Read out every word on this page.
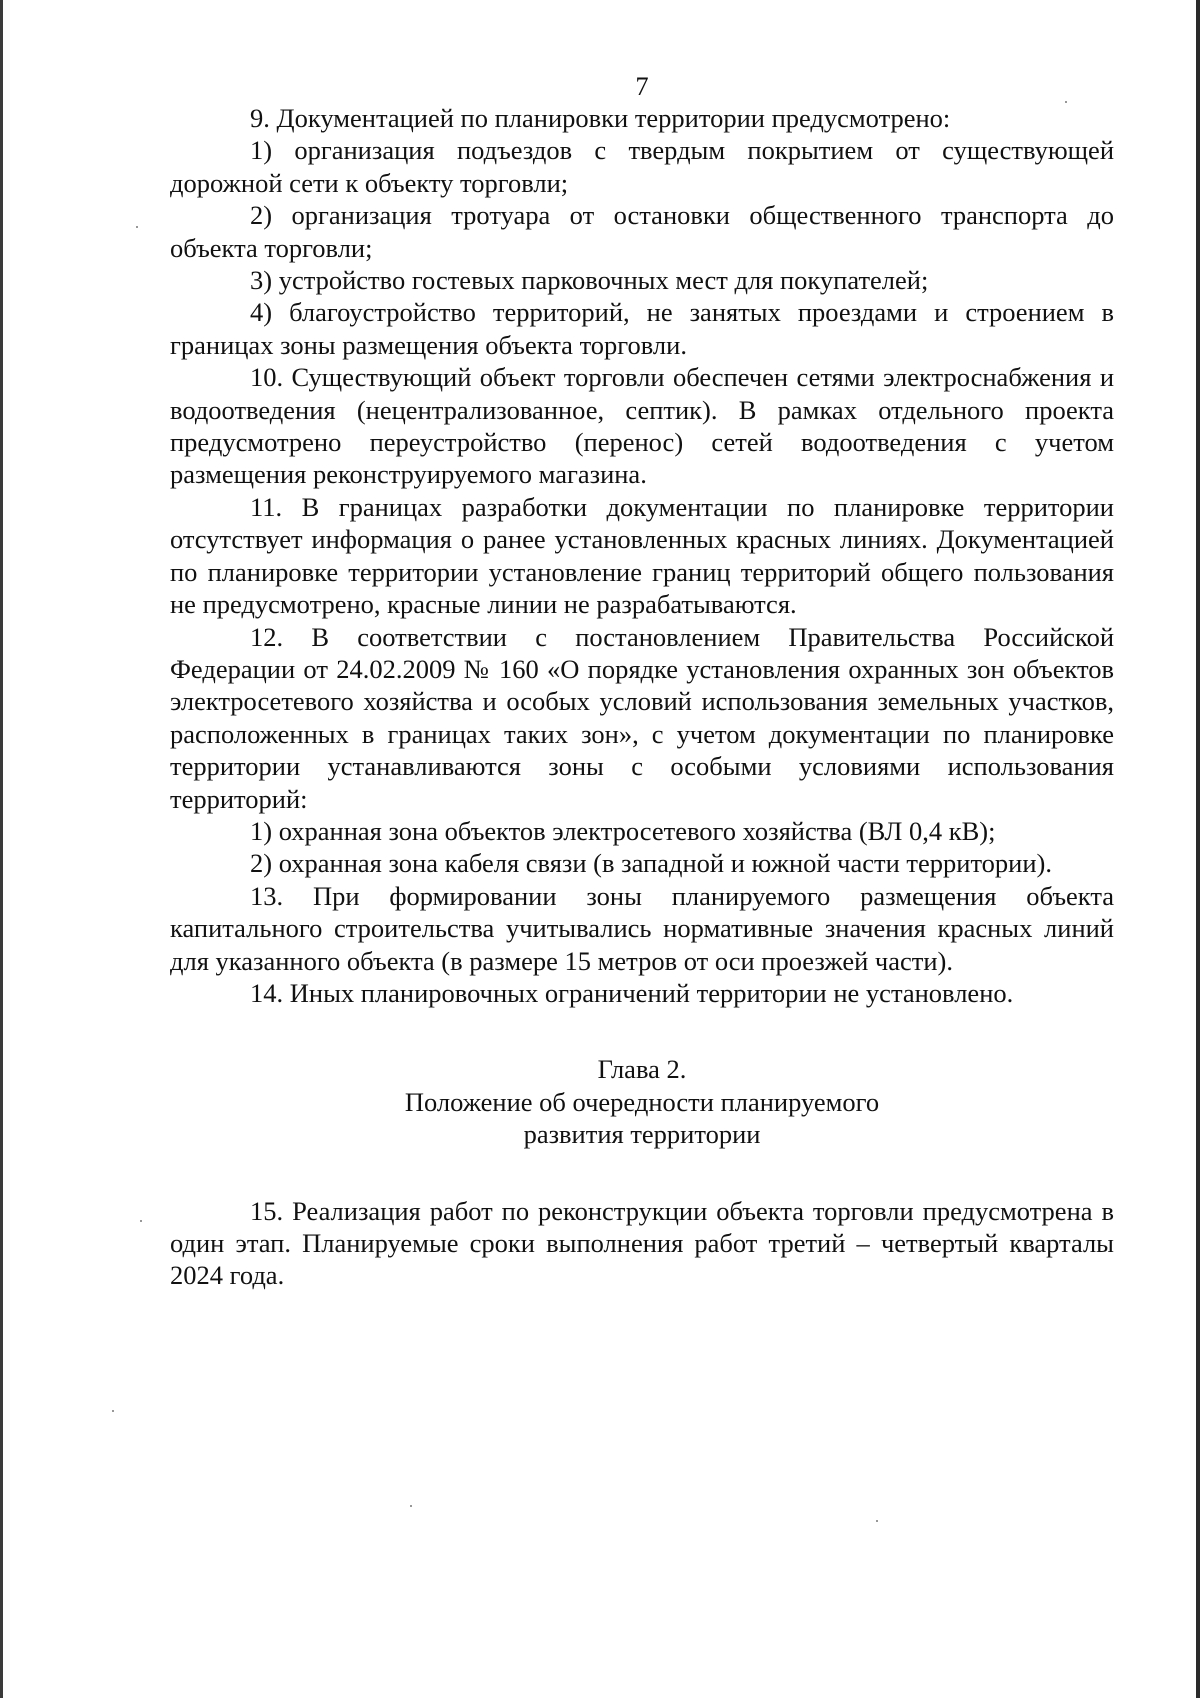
7

9. Документацией по планировки территории предусмотрено:

1) организация подъездов с твердым покрытием от существующей дорожной сети к объекту торговли;

2) организация тротуара от остановки общественного транспорта до объекта торговли;

3) устройство гостевых парковочных мест для покупателей;

4) благоустройство территорий, не занятых проездами и строением в границах зоны размещения объекта торговли.

10. Существующий объект торговли обеспечен сетями электроснабжения и водоотведения (нецентрализованное, септик). В рамках отдельного проекта предусмотрено переустройство (перенос) сетей водоотведения с учетом размещения реконструируемого магазина.

11. В границах разработки документации по планировке территории отсутствует информация о ранее установленных красных линиях. Документацией по планировке территории установление границ территорий общего пользования не предусмотрено, красные линии не разрабатываются.

12. В соответствии с постановлением Правительства Российской Федерации от 24.02.2009 № 160 «О порядке установления охранных зон объектов электросетевого хозяйства и особых условий использования земельных участков, расположенных в границах таких зон», с учетом документации по планировке территории устанавливаются зоны с особыми условиями использования территорий:

1) охранная зона объектов электросетевого хозяйства (ВЛ 0,4 кВ);

2) охранная зона кабеля связи (в западной и южной части территории).

13. При формировании зоны планируемого размещения объекта капитального строительства учитывались нормативные значения красных линий для указанного объекта (в размере 15 метров от оси проезжей части).

14. Иных планировочных ограничений территории не установлено.

Глава 2.

Положение об очередности планируемого

развития территории

15. Реализация работ по реконструкции объекта торговли предусмотрена в один этап. Планируемые сроки выполнения работ третий – четвертый кварталы 2024 года.
